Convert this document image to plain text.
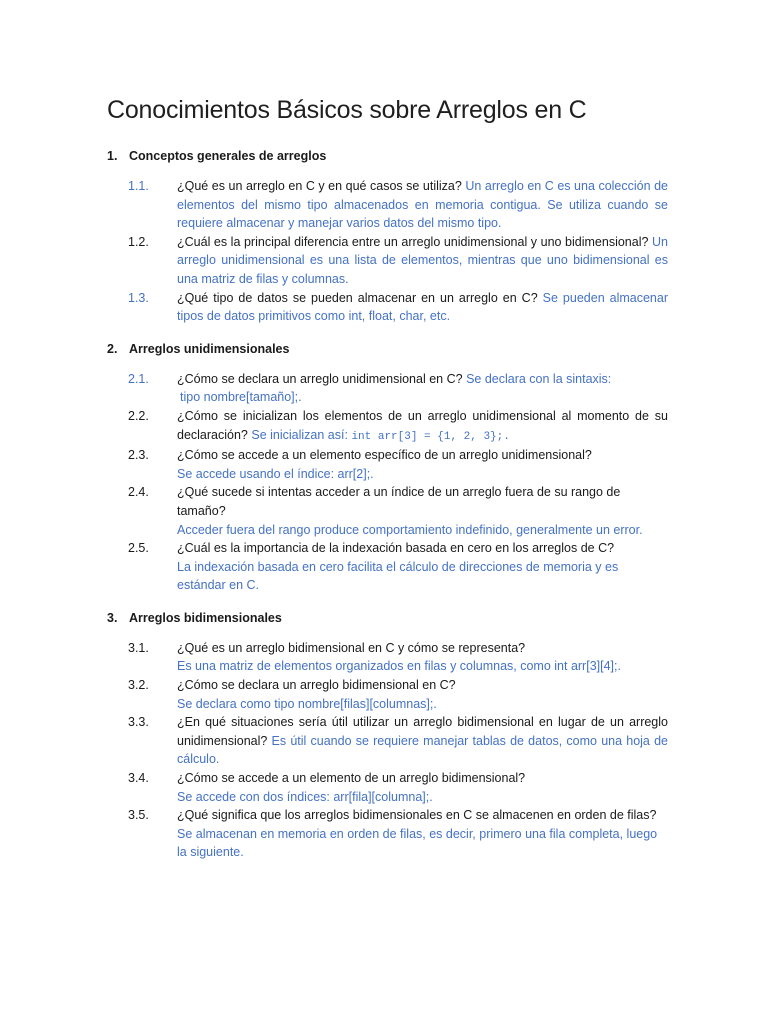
Conocimientos Básicos sobre Arreglos en C
1. Conceptos generales de arreglos
1.1.	¿Qué es un arreglo en C y en qué casos se utiliza? Un arreglo en C es una colección de elementos del mismo tipo almacenados en memoria contigua. Se utiliza cuando se requiere almacenar y manejar varios datos del mismo tipo.
1.2.	¿Cuál es la principal diferencia entre un arreglo unidimensional y uno bidimensional? Un arreglo unidimensional es una lista de elementos, mientras que uno bidimensional es una matriz de filas y columnas.
1.3.	¿Qué tipo de datos se pueden almacenar en un arreglo en C? Se pueden almacenar tipos de datos primitivos como int, float, char, etc.
2. Arreglos unidimensionales
2.1.	¿Cómo se declara un arreglo unidimensional en C? Se declara con la sintaxis:
tipo nombre[tamaño];.
2.2.	¿Cómo se inicializan los elementos de un arreglo unidimensional al momento de su declaración? Se inicializan así: int arr[3] = {1, 2, 3};.
2.3.	¿Cómo se accede a un elemento específico de un arreglo unidimensional?
Se accede usando el índice: arr[2];.
2.4.	¿Qué sucede si intentas acceder a un índice de un arreglo fuera de su rango de tamaño?
Acceder fuera del rango produce comportamiento indefinido, generalmente un error.
2.5.	¿Cuál es la importancia de la indexación basada en cero en los arreglos de C?
La indexación basada en cero facilita el cálculo de direcciones de memoria y es estándar en C.
3. Arreglos bidimensionales
3.1.	¿Qué es un arreglo bidimensional en C y cómo se representa?
Es una matriz de elementos organizados en filas y columnas, como int arr[3][4];.
3.2.	¿Cómo se declara un arreglo bidimensional en C?
Se declara como tipo nombre[filas][columnas];.
3.3.	¿En qué situaciones sería útil utilizar un arreglo bidimensional en lugar de un arreglo unidimensional? Es útil cuando se requiere manejar tablas de datos, como una hoja de cálculo.
3.4.	¿Cómo se accede a un elemento de un arreglo bidimensional?
Se accede con dos índices: arr[fila][columna];.
3.5.	¿Qué significa que los arreglos bidimensionales en C se almacenen en orden de filas?
Se almacenan en memoria en orden de filas, es decir, primero una fila completa, luego la siguiente.
